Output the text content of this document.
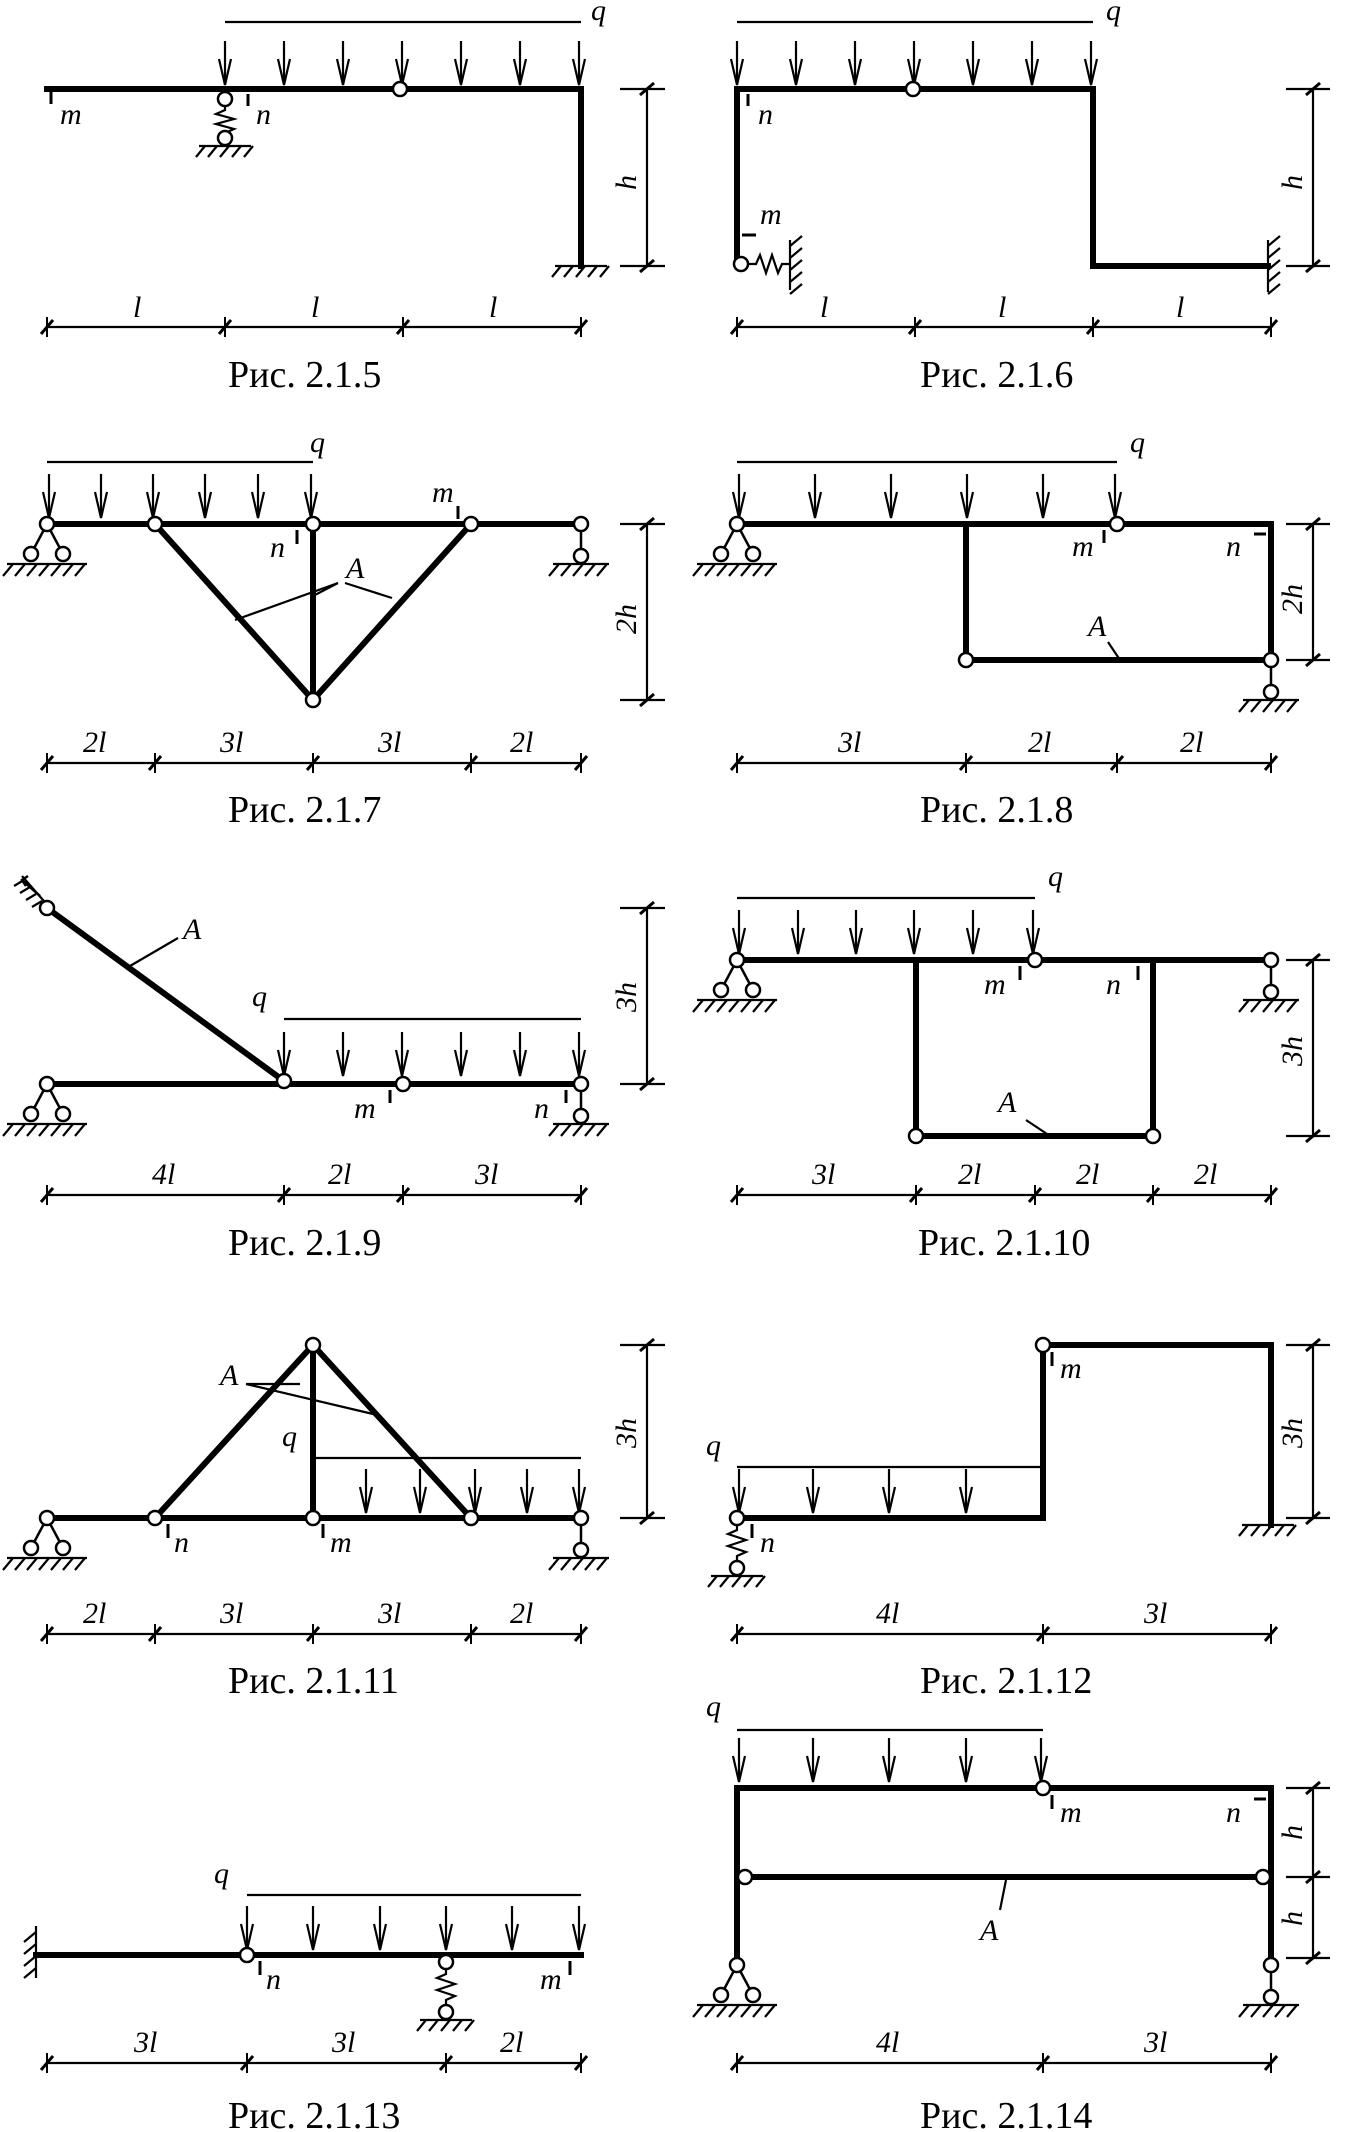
q
m	n
h
l	l	l
Рис. 2.1.5
q
n
m
h
l	l	l
Рис. 2.1.6
q
n
m
A
2h
2l	3l	3l	2l
Рис. 2.1.7
q
m	n
A
2h
3l	2l	2l
Рис. 2.1.8
A
q
m	n
3h
4l	2l	3l
Рис. 2.1.9
q
m	n
A
3h
3l	2l	2l	2l
Рис. 2.1.10
A
q
n	m
3h
2l	3l	3l	2l
Рис. 2.1.11
q
m
n
3h
4l	3l
Рис. 2.1.12
q
n	m
3l	3l	2l
Рис. 2.1.13
q
m	n
A
h
h
4l	3l
Рис. 2.1.14
